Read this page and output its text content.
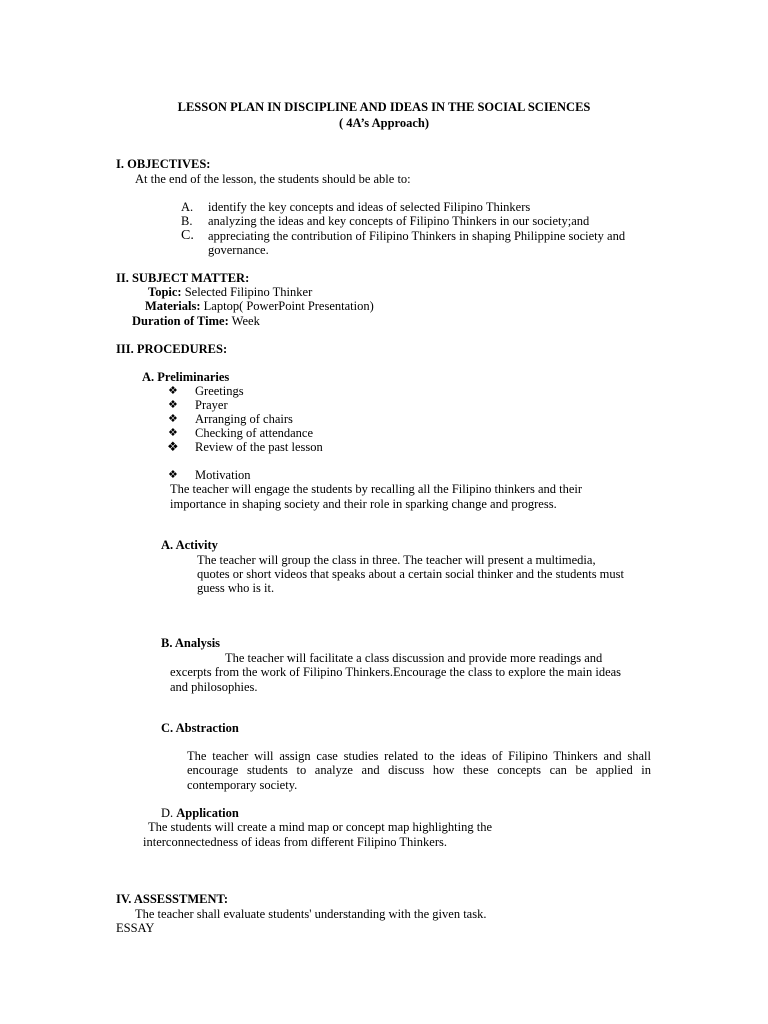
LESSON PLAN IN DISCIPLINE AND IDEAS IN THE SOCIAL SCIENCES
( 4A’s Approach)
I. OBJECTIVES:
At the end of the lesson, the students should be able to:
A. identify the key concepts and ideas of selected Filipino Thinkers
B. analyzing the ideas and key concepts of Filipino Thinkers in our society;and
C. appreciating the contribution of Filipino Thinkers in shaping Philippine society and
governance.
II. SUBJECT MATTER:
Topic: Selected Filipino Thinker
Materials: Laptop( PowerPoint Presentation)
Duration of Time: Week
III. PROCEDURES:
A. Preliminaries
❖ Greetings
❖ Prayer
❖ Arranging of chairs
❖ Checking of attendance
❖ Review of the past lesson
❖ Motivation
The teacher will engage the students by recalling all the Filipino thinkers and their
importance in shaping society and their role in sparking change and progress.
A. Activity
The teacher will group the class in three. The teacher will present a multimedia,
quotes or short videos that speaks about a certain social thinker and the students must
guess who is it.
B. Analysis
The teacher will facilitate a class discussion and provide more readings and
excerpts from the work of Filipino Thinkers.Encourage the class to explore the main ideas
and philosophies.
C. Abstraction
The teacher will assign case studies related to the ideas of Filipino Thinkers and shall
encourage students to analyze and discuss how these concepts can be applied in
contemporary society.
D. Application
The students will create a mind map or concept map highlighting the
interconnectedness of ideas from different Filipino Thinkers.
IV. ASSESSTMENT:
The teacher shall evaluate students' understanding with the given task.
ESSAY
